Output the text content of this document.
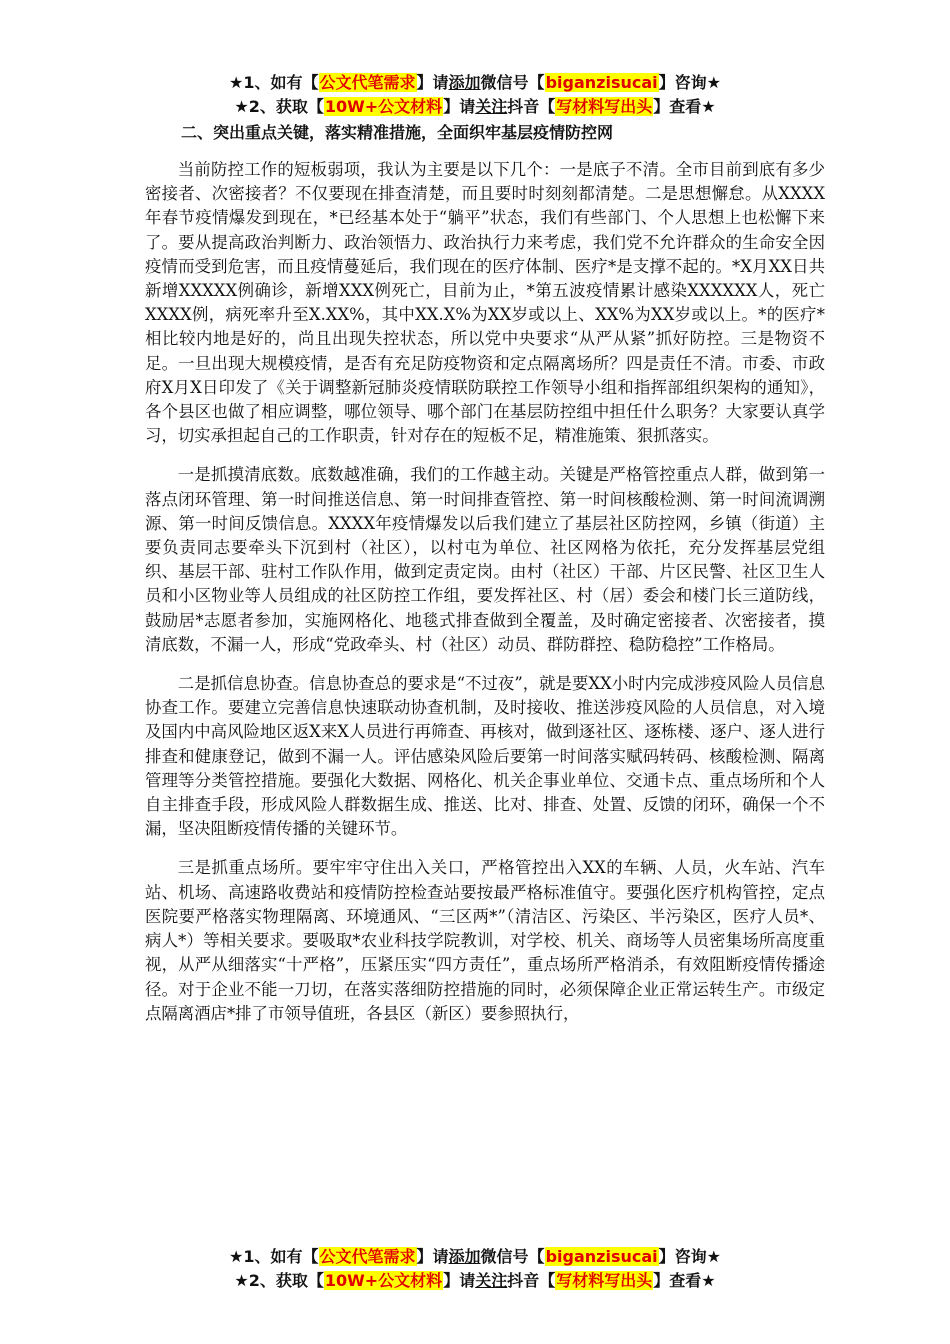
★1、如有【公文代笔需求】请添加微信号【biganzisucai】咨询★
★2、获取【10W+公文材料】请关注抖音【写材料写出头】查看★
二、突出重点关键，落实精准措施，全面织牢基层疫情防控网

当前防控工作的短板弱项，我认为主要是以下几个：一是底子不清。全市目前到底有多少密接者、次密接者？不仅要现在排查清楚，而且要时时刻刻都清楚。二是思想懈怠。从XXXX年春节疫情爆发到现在，*已经基本处于“躺平”状态，我们有些部门、个人思想上也松懈下来了。要从提高政治判断力、政治领悟力、政治执行力来考虑，我们党不允许群众的生命安全因疫情而受到危害，而且疫情蔓延后，我们现在的医疗体制、医疗*是支撑不起的。*X月XX日共新增XXXXX例确诊，新增XXX例死亡，目前为止，*第五波疫情累计感染XXXXXX人，死亡XXXX例，病死率升至X.XX%，其中XX.X%为XX岁或以上、XX%为XX岁或以上。*的医疗*相比较内地是好的，尚且出现失控状态，所以党中央要求“从严从紧”抓好防控。三是物资不足。一旦出现大规模疫情，是否有充足防疫物资和定点隔离场所？四是责任不清。市委、市政府X月X日印发了《关于调整新冠肺炎疫情联防联控工作领导小组和指挥部组织架构的通知》，各个县区也做了相应调整，哪位领导、哪个部门在基层防控组中担任什么职务？大家要认真学习，切实承担起自己的工作职责，针对存在的短板不足，精准施策、狠抓落实。

一是抓摸清底数。底数越准确，我们的工作越主动。关键是严格管控重点人群，做到第一落点闭环管理、第一时间推送信息、第一时间排查管控、第一时间核酸检测、第一时间流调溯源、第一时间反馈信息。XXXX年疫情爆发以后我们建立了基层社区防控网，乡镇（街道）主要负责同志要牵头下沉到村（社区），以村屯为单位、社区网格为依托，充分发挥基层党组织、基层干部、驻村工作队作用，做到定责定岗。由村（社区）干部、片区民警、社区卫生人员和小区物业等人员组成的社区防控工作组，要发挥社区、村（居）委会和楼门长三道防线，鼓励居*志愿者参加，实施网格化、地毯式排查做到全覆盖，及时确定密接者、次密接者，摸清底数，不漏一人，形成“党政牵头、村（社区）动员、群防群控、稳防稳控”工作格局。

二是抓信息协查。信息协查总的要求是“不过夜”，就是要XX小时内完成涉疫风险人员信息协查工作。要建立完善信息快速联动协查机制，及时接收、推送涉疫风险的人员信息，对入境及国内中高风险地区返X来X人员进行再筛查、再核对，做到逐社区、逐栋楼、逐户、逐人进行排查和健康登记，做到不漏一人。评估感染风险后要第一时间落实赋码转码、核酸检测、隔离管理等分类管控措施。要强化大数据、网格化、机关企事业单位、交通卡点、重点场所和个人自主排查手段，形成风险人群数据生成、推送、比对、排查、处置、反馈的闭环，确保一个不漏，坚决阻断疫情传播的关键环节。

三是抓重点场所。要牢牢守住出入关口，严格管控出入XX的车辆、人员，火车站、汽车站、机场、高速路收费站和疫情防控检查站要按最严格标准值守。要强化医疗机构管控，定点医院要严格落实物理隔离、环境通风、“三区两*”（清洁区、污染区、半污染区，医疗人员*、病人*）等相关要求。要吸取*农业科技学院教训，对学校、机关、商场等人员密集场所高度重视，从严从细落实“十严格”，压紧压实“四方责任”，重点场所严格消杀，有效阻断疫情传播途径。对于企业不能一刀切，在落实落细防控措施的同时，必须保障企业正常运转生产。市级定点隔离酒店*排了市领导值班，各县区（新区）要参照执行，

★1、如有【公文代笔需求】请添加微信号【biganzisucai】咨询★
★2、获取【10W+公文材料】请关注抖音【写材料写出头】查看★
